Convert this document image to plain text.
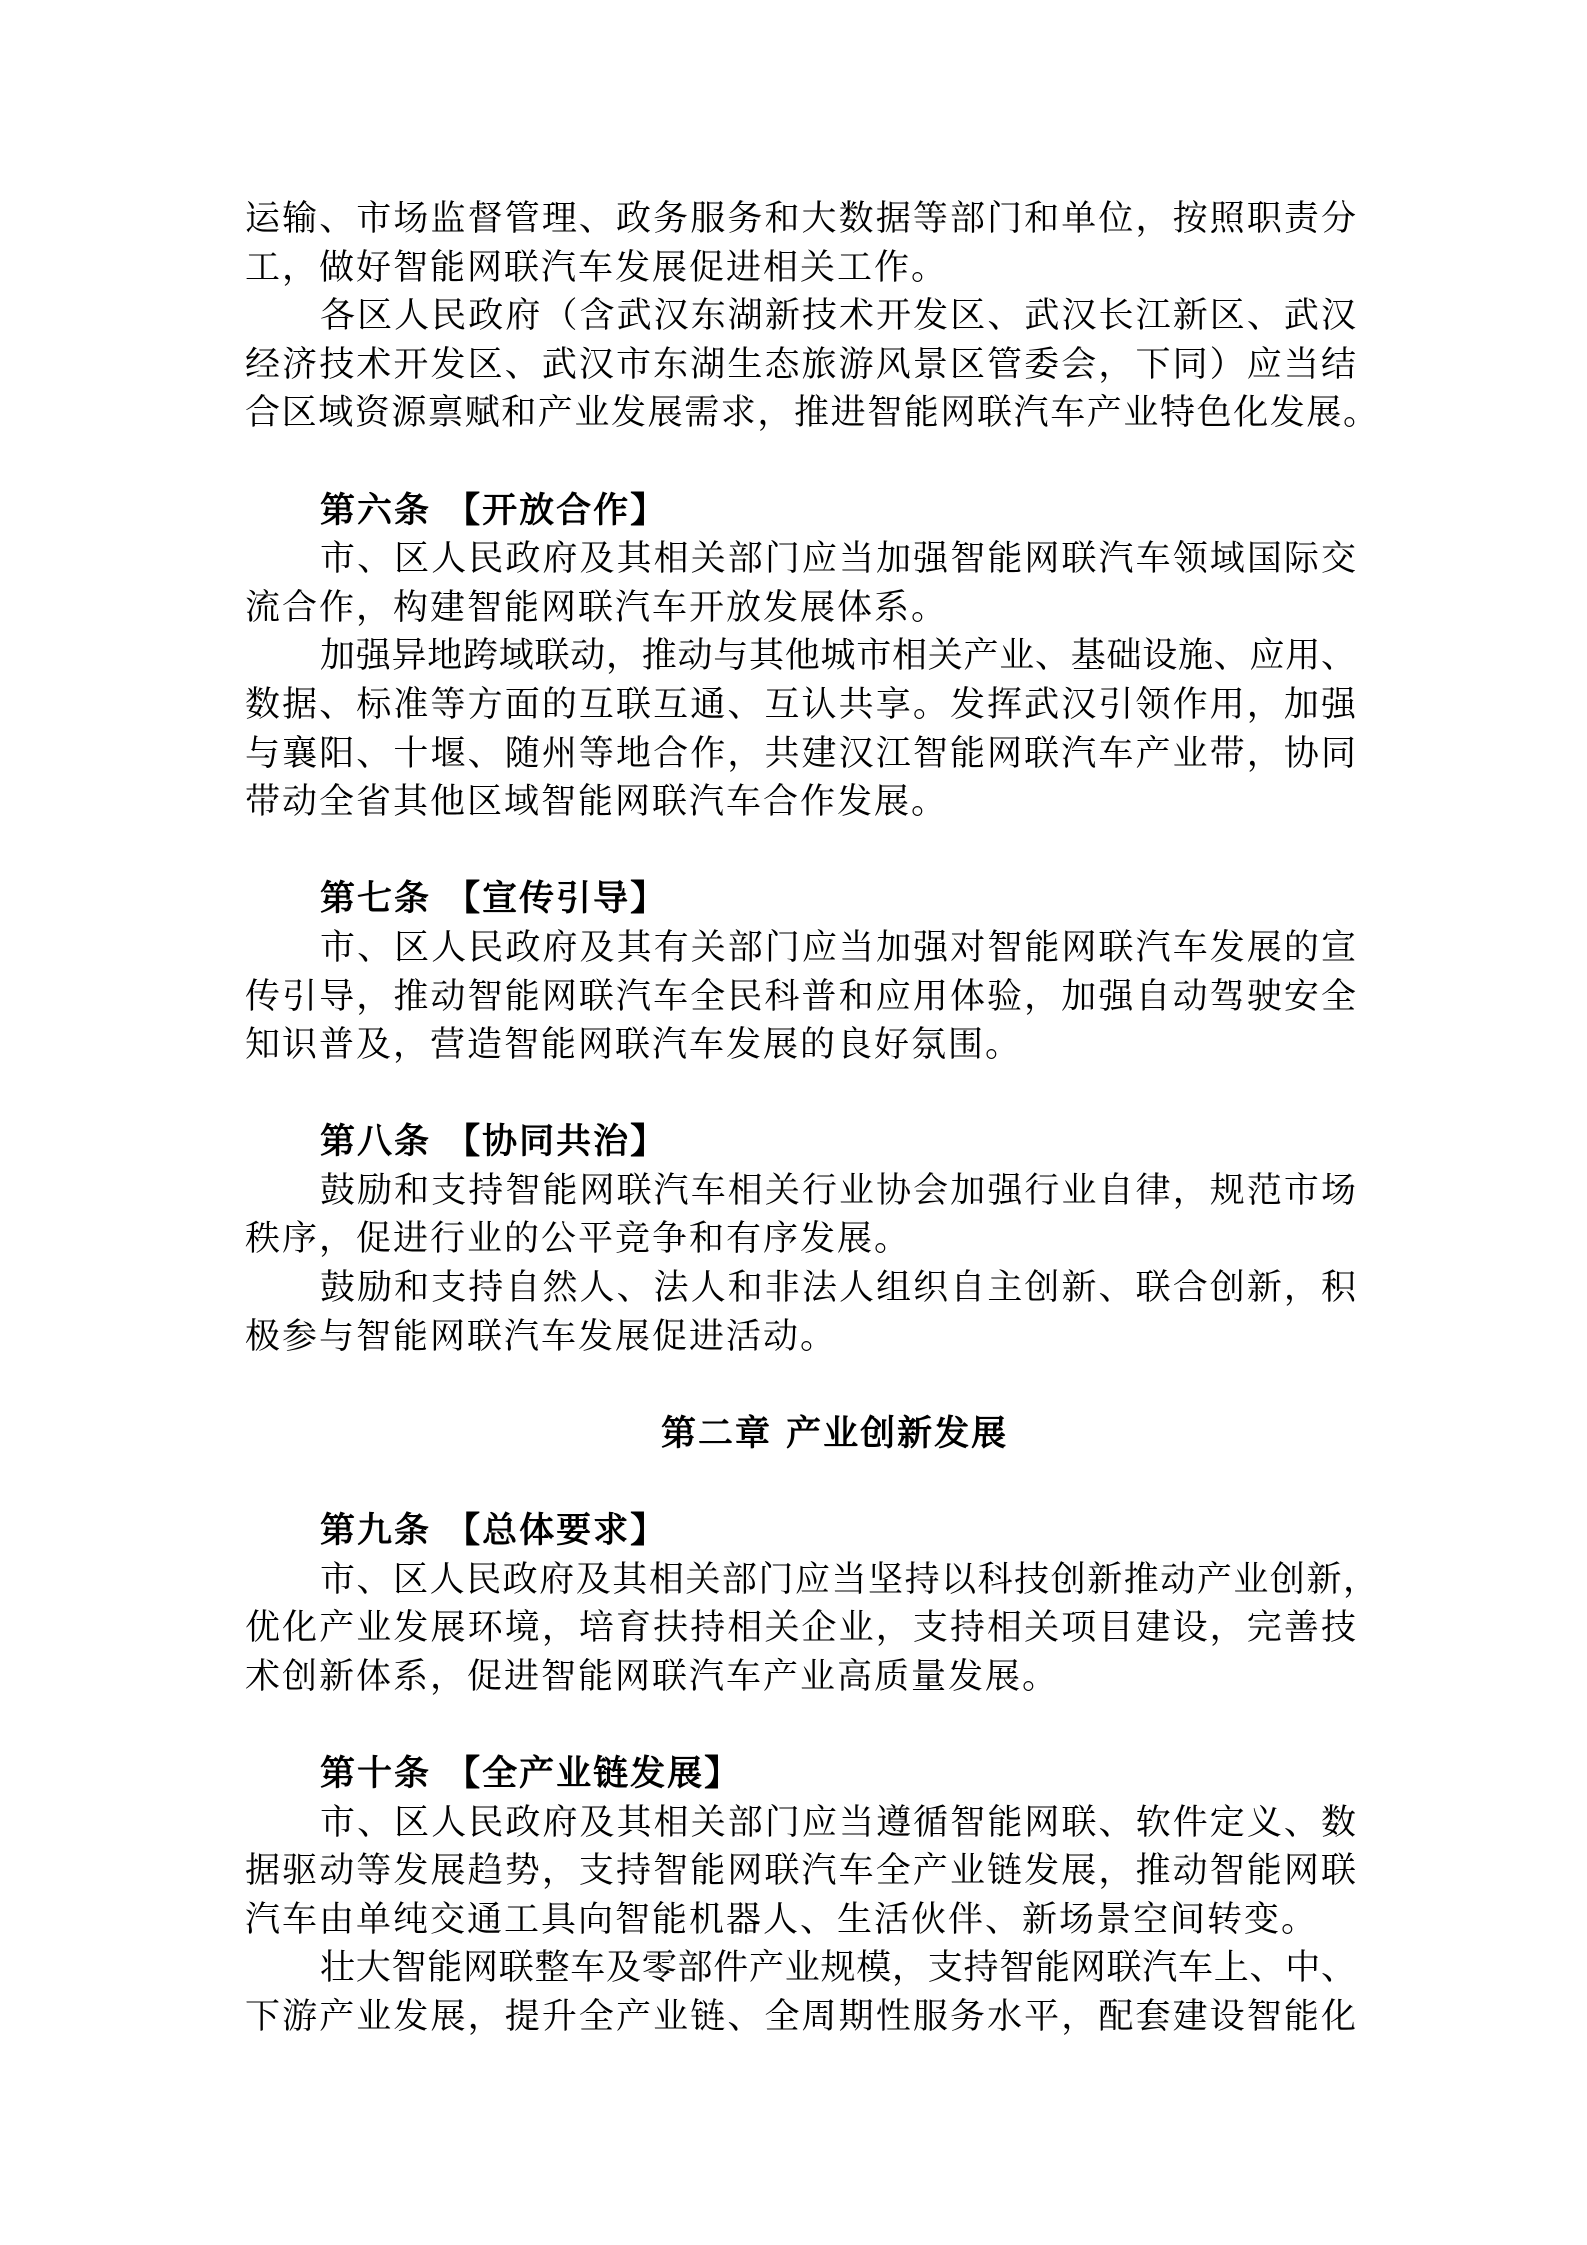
运输、市场监督管理、政务服务和大数据等部门和单位，按照职责分
工，做好智能网联汽车发展促进相关工作。
各区人民政府（含武汉东湖新技术开发区、武汉长江新区、武汉
经济技术开发区、武汉市东湖生态旅游风景区管委会，下同）应当结
合区域资源禀赋和产业发展需求，推进智能网联汽车产业特色化发展。
第六条 【开放合作】
市、区人民政府及其相关部门应当加强智能网联汽车领域国际交
流合作，构建智能网联汽车开放发展体系。
加强异地跨域联动，推动与其他城市相关产业、基础设施、应用、
数据、标准等方面的互联互通、互认共享。发挥武汉引领作用，加强
与襄阳、十堰、随州等地合作，共建汉江智能网联汽车产业带，协同
带动全省其他区域智能网联汽车合作发展。
第七条 【宣传引导】
市、区人民政府及其有关部门应当加强对智能网联汽车发展的宣
传引导，推动智能网联汽车全民科普和应用体验，加强自动驾驶安全
知识普及，营造智能网联汽车发展的良好氛围。
第八条 【协同共治】
鼓励和支持智能网联汽车相关行业协会加强行业自律，规范市场
秩序，促进行业的公平竞争和有序发展。
鼓励和支持自然人、法人和非法人组织自主创新、联合创新，积
极参与智能网联汽车发展促进活动。
第二章 产业创新发展
第九条 【总体要求】
市、区人民政府及其相关部门应当坚持以科技创新推动产业创新，
优化产业发展环境，培育扶持相关企业，支持相关项目建设，完善技
术创新体系，促进智能网联汽车产业高质量发展。
第十条 【全产业链发展】
市、区人民政府及其相关部门应当遵循智能网联、软件定义、数
据驱动等发展趋势，支持智能网联汽车全产业链发展，推动智能网联
汽车由单纯交通工具向智能机器人、生活伙伴、新场景空间转变。
壮大智能网联整车及零部件产业规模，支持智能网联汽车上、中、
下游产业发展，提升全产业链、全周期性服务水平，配套建设智能化
